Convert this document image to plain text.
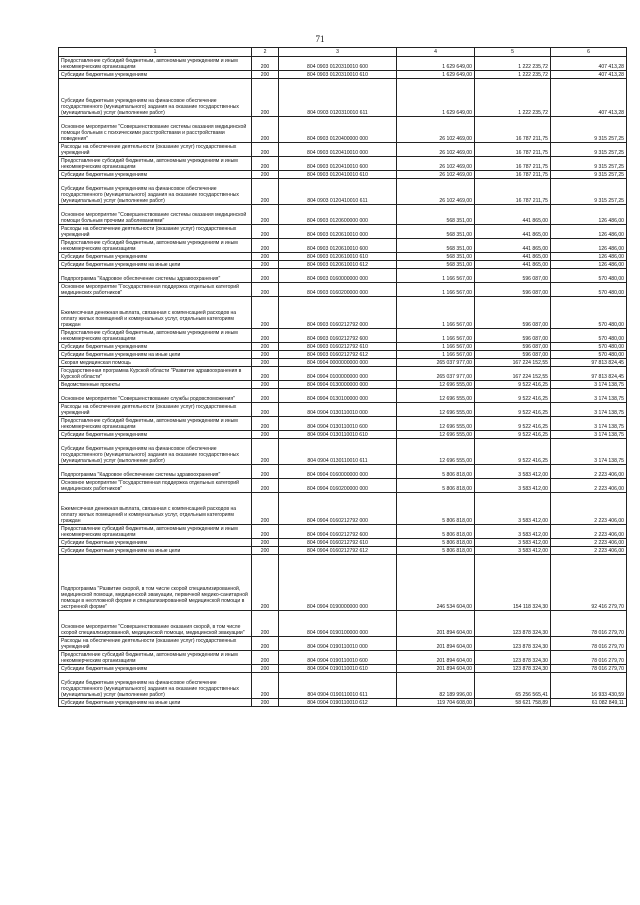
71
1	2	3	4	5	6
Предоставление субсидий бюджетным, автономным учреждениям и иным некоммерческим организациям	200	804 0903 0120310010 600	1 629 649,00	1 222 235,72	407 413,28
Субсидии бюджетным учреждениям	200	804 0903 0120310010 610	1 629 649,00	1 222 235,72	407 413,28
Субсидии бюджетным учреждениям на финансовое обеспечение государственного (муниципального) задания на оказание государственных (муниципальных) услуг (выполнение работ)	200	804 0903 0120310010 611	1 629 649,00	1 222 235,72	407 413,28
Основное мероприятие "Совершенствование системы оказания медицинской помощи больным с психическими расстройствами и расстройствами поведения"	200	804 0903 0120400000 000	26 102 469,00	16 787 211,75	9 315 257,25
Расходы на обеспечение деятельности (оказание услуг) государственных учреждений	200	804 0903 0120410010 000	26 102 469,00	16 787 211,75	9 315 257,25
Предоставление субсидий бюджетным, автономным учреждениям и иным некоммерческим организациям	200	804 0903 0120410010 600	26 102 469,00	16 787 211,75	9 315 257,25
Субсидии бюджетным учреждениям	200	804 0903 0120410010 610	26 102 469,00	16 787 211,75	9 315 257,25
Субсидии бюджетным учреждениям на финансовое обеспечение государственного (муниципального) задания на оказание государственных (муниципальных) услуг (выполнение работ)	200	804 0903 0120410010 611	26 102 469,00	16 787 211,75	9 315 257,25
Основное мероприятие "Совершенствование системы оказания медицинской помощи больным прочими заболеваниями"	200	804 0903 0120600000 000	568 351,00	441 865,00	126 486,00
Расходы на обеспечение деятельности (оказание услуг) государственных учреждений	200	804 0903 0120610010 000	568 351,00	441 865,00	126 486,00
Предоставление субсидий бюджетным, автономным учреждениям и иным некоммерческим организациям	200	804 0903 0120610010 600	568 351,00	441 865,00	126 486,00
Субсидии бюджетным учреждениям	200	804 0903 0120610010 610	568 351,00	441 865,00	126 486,00
Субсидии бюджетным учреждениям на иные цели	200	804 0903 0120610010 612	568 351,00	441 865,00	126 486,00
Подпрограмма "Кадровое обеспечение системы здравоохранения"	200	804 0903 0160000000 000	1 166 567,00	596 087,00	570 480,00
Основное мероприятие "Государственная поддержка отдельных категорий медицинских работников"	200	804 0903 0160200000 000	1 166 567,00	596 087,00	570 480,00
Ежемесячная денежная выплата, связанная с компенсацией расходов на оплату жилых помещений и коммунальных услуг, отдельным категориям граждан	200	804 0903 0160212792 000	1 166 567,00	596 087,00	570 480,00
Предоставление субсидий бюджетным, автономным учреждениям и иным некоммерческим организациям	200	804 0903 0160212792 600	1 166 567,00	596 087,00	570 480,00
Субсидии бюджетным учреждениям	200	804 0903 0160212792 610	1 166 567,00	596 087,00	570 480,00
Субсидии бюджетным учреждениям на иные цели	200	804 0903 0160212792 612	1 166 567,00	596 087,00	570 480,00
Скорая медицинская помощь	200	804 0904 0000000000 000	265 037 977,00	167 224 152,55	97 813 824,45
Государственная программа Курской области "Развитие здравоохранения в Курской области"	200	804 0904 0100000000 000	265 037 977,00	167 224 152,55	97 813 824,45
Ведомственные проекты	200	804 0904 0130000000 000	12 696 555,00	9 522 416,25	3 174 138,75
Основное мероприятие "Совершенствование службы родовспоможения"	200	804 0904 0130100000 000	12 696 555,00	9 522 416,25	3 174 138,75
Расходы на обеспечение деятельности (оказание услуг) государственных учреждений	200	804 0904 0130110010 000	12 696 555,00	9 522 416,25	3 174 138,75
Предоставление субсидий бюджетным, автономным учреждениям и иным некоммерческим организациям	200	804 0904 0130110010 600	12 696 555,00	9 522 416,25	3 174 138,75
Субсидии бюджетным учреждениям	200	804 0904 0130110010 610	12 696 555,00	9 522 416,25	3 174 138,75
Субсидии бюджетным учреждениям на финансовое обеспечение государственного (муниципального) задания на оказание государственных (муниципальных) услуг (выполнение работ)	200	804 0904 0130110010 611	12 696 555,00	9 522 416,25	3 174 138,75
Подпрограмма "Кадровое обеспечение системы здравоохранения"	200	804 0904 0160000000 000	5 806 818,00	3 583 412,00	2 223 406,00
Основное мероприятие "Государственная поддержка отдельных категорий медицинских работников"	200	804 0904 0160200000 000	5 806 818,00	3 583 412,00	2 223 406,00
Ежемесячная денежная выплата, связанная с компенсацией расходов на оплату жилых помещений и коммунальных услуг, отдельным категориям граждан	200	804 0904 0160212792 000	5 806 818,00	3 583 412,00	2 223 406,00
Предоставление субсидий бюджетным, автономным учреждениям и иным некоммерческим организациям	200	804 0904 0160212792 600	5 806 818,00	3 583 412,00	2 223 406,00
Субсидии бюджетным учреждениям	200	804 0904 0160212792 610	5 806 818,00	3 583 412,00	2 223 406,00
Субсидии бюджетным учреждениям на иные цели	200	804 0904 0160212792 612	5 806 818,00	3 583 412,00	2 223 406,00
Подпрограмма "Развитие скорой, в том числе скорой специализированной, медицинской помощи, медицинской эвакуации, первичной медико-санитарной помощи в неотложной форме и специализированной медицинской помощи в экстренной форме"	200	804 0904 0190000000 000	246 534 604,00	154 118 324,30	92 416 279,70
Основное мероприятие "Совершенствование оказания скорой, в том числе скорой специализированной, медицинской помощи, медицинской эвакуации"	200	804 0904 0190100000 000	201 894 604,00	123 878 324,30	78 016 279,70
Расходы на обеспечение деятельности (оказание услуг) государственных учреждений	200	804 0904 0190110010 000	201 894 604,00	123 878 324,30	78 016 279,70
Предоставление субсидий бюджетным, автономным учреждениям и иным некоммерческим организациям	200	804 0904 0190110010 600	201 894 604,00	123 878 324,30	78 016 279,70
Субсидии бюджетным учреждениям	200	804 0904 0190110010 610	201 894 604,00	123 878 324,30	78 016 279,70
Субсидии бюджетным учреждениям на финансовое обеспечение государственного (муниципального) задания на оказание государственных (муниципальных) услуг (выполнение работ)	200	804 0904 0190110010 611	82 189 996,00	65 256 565,41	16 933 430,59
Субсидии бюджетным учреждениям на иные цели	200	804 0904 0190110010 612	119 704 608,00	58 621 758,89	61 082 849,11
